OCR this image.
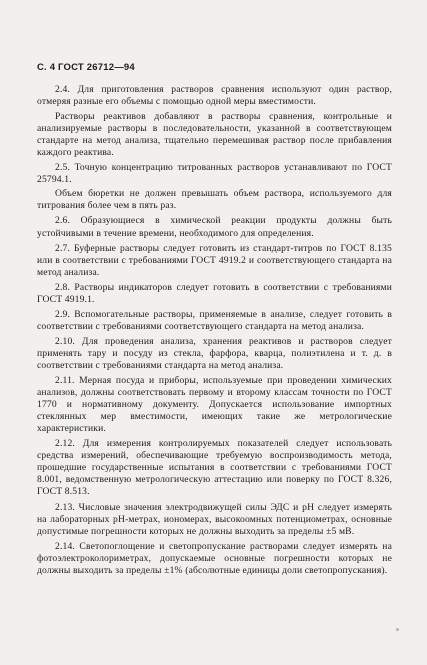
С. 4 ГОСТ 26712—94

2.4. Для приготовления растворов сравнения используют один раствор, отмеряя разные его объемы с помощью одной меры вместимости.

Растворы реактивов добавляют в растворы сравнения, контрольные и анализируемые растворы в последовательности, указанной в соответствующем стандарте на метод анализа, тщательно перемешивая раствор после прибавления каждого реактива.

2.5. Точную концентрацию титрованных растворов устанавливают по ГОСТ 25794.1.

Объем бюретки не должен превышать объем раствора, используемого для титрования более чем в пять раз.

2.6. Образующиеся в химической реакции продукты должны быть устойчивыми в течение времени, необходимого для определения.

2.7. Буферные растворы следует готовить из стандарт-титров по ГОСТ 8.135 или в соответствии с требованиями ГОСТ 4919.2 и соответствующего стандарта на метод анализа.

2.8. Растворы индикаторов следует готовить в соответствии с требованиями ГОСТ 4919.1.

2.9. Вспомогательные растворы, применяемые в анализе, следует готовить в соответствии с требованиями соответствующего стандарта на метод анализа.

2.10. Для проведения анализа, хранения реактивов и растворов следует применять тару и посуду из стекла, фарфора, кварца, полиэтилена и т. д. в соответствии с требованиями стандарта на метод анализа.

2.11. Мерная посуда и приборы, используемые при проведении химических анализов, должны соответствовать первому и второму классам точности по ГОСТ 1770 и нормативному документу. Допускается использование импортных стеклянных мер вместимости, имеющих такие же метрологические характеристики.

2.12. Для измерения контролируемых показателей следует использовать средства измерений, обеспечивающие требуемую воспроизводимость метода, прошедшие государственные испытания в соответствии с требованиями ГОСТ 8.001, ведомственную метрологическую аттестацию или поверку по ГОСТ 8.326, ГОСТ 8.513.

2.13. Числовые значения электродвижущей силы ЭДС и pH следует измерять на лабораторных pH-метрах, иономерах, высокоомных потенциометрах, основные допустимые погрешности которых не должны выходить за пределы ±5 мВ.

2.14. Светопоглощение и светопропускание растворами следует измерять на фотоэлектроколориметрах, допускаемые основные погрешности которых не должны выходить за пределы ±1% (абсолютные единицы доли светопропускания).
